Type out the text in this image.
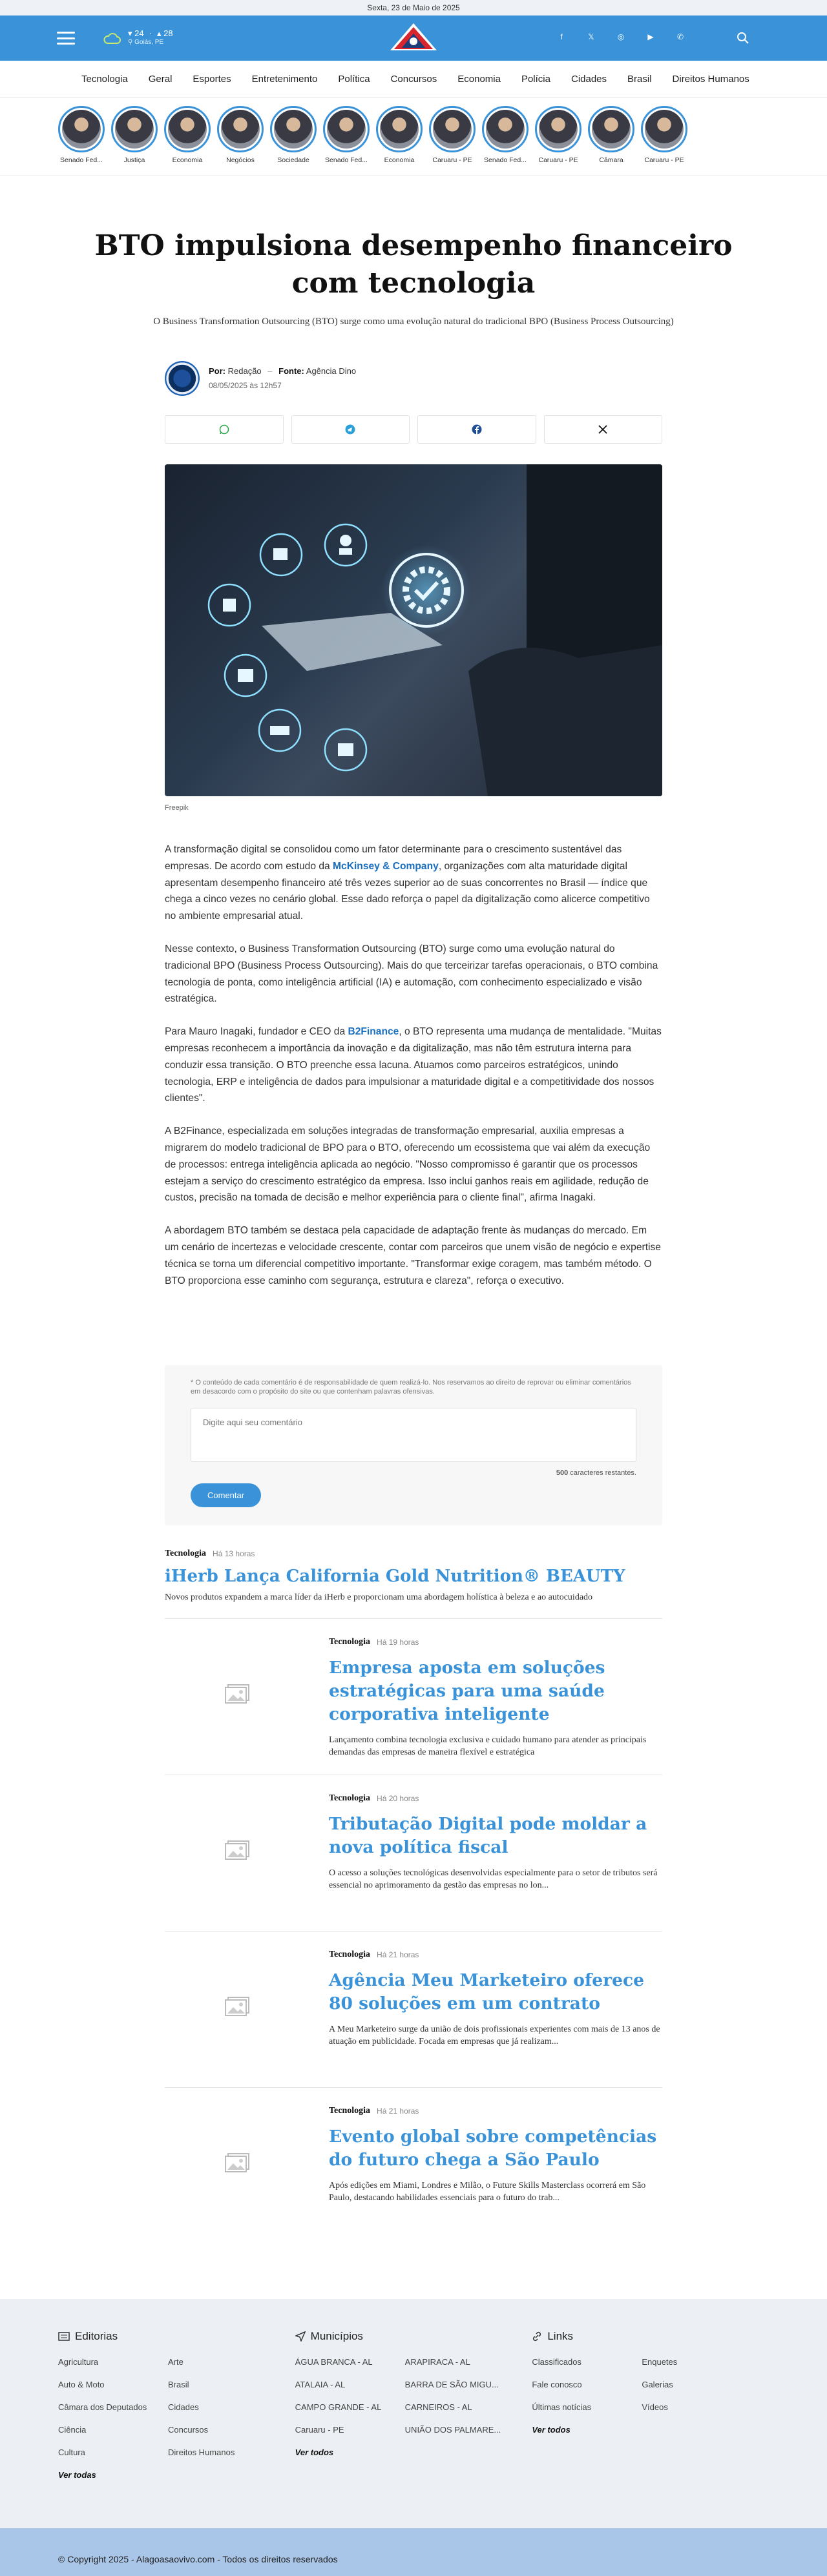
Sexta, 23 de Maio de 2025
▾ 24 · ▴ 28
⚲ Goiás, PE
f	𝕏	◎	▶	✆
Tecnologia	Geral	Esportes	Entretenimento	Política	Concursos	Economia	Polícia	Cidades	Brasil	Direitos Humanos
Senado Fed...	Justiça	Economia	Negócios	Sociedade	Senado Fed...	Economia	Caruaru - PE	Senado Fed...	Caruaru - PE	Câmara	Caruaru - PE
BTO impulsiona desempenho financeiro com tecnologia

O Business Transformation Outsourcing (BTO) surge como uma evolução natural do tradicional BPO (Business Process Outsourcing)

Por: Redação – Fonte: Agência Dino
08/05/2025 às 12h57
Freepik

A transformação digital se consolidou como um fator determinante para o crescimento sustentável das empresas. De acordo com estudo da McKinsey & Company, organizações com alta maturidade digital apresentam desempenho financeiro até três vezes superior ao de suas concorrentes no Brasil — índice que chega a cinco vezes no cenário global. Esse dado reforça o papel da digitalização como alicerce competitivo no ambiente empresarial atual.

Nesse contexto, o Business Transformation Outsourcing (BTO) surge como uma evolução natural do tradicional BPO (Business Process Outsourcing). Mais do que terceirizar tarefas operacionais, o BTO combina tecnologia de ponta, como inteligência artificial (IA) e automação, com conhecimento especializado e visão estratégica.

Para Mauro Inagaki, fundador e CEO da B2Finance, o BTO representa uma mudança de mentalidade. "Muitas empresas reconhecem a importância da inovação e da digitalização, mas não têm estrutura interna para conduzir essa transição. O BTO preenche essa lacuna. Atuamos como parceiros estratégicos, unindo tecnologia, ERP e inteligência de dados para impulsionar a maturidade digital e a competitividade dos nossos clientes".

A B2Finance, especializada em soluções integradas de transformação empresarial, auxilia empresas a migrarem do modelo tradicional de BPO para o BTO, oferecendo um ecossistema que vai além da execução de processos: entrega inteligência aplicada ao negócio. "Nosso compromisso é garantir que os processos estejam a serviço do crescimento estratégico da empresa. Isso inclui ganhos reais em agilidade, redução de custos, precisão na tomada de decisão e melhor experiência para o cliente final", afirma Inagaki.

A abordagem BTO também se destaca pela capacidade de adaptação frente às mudanças do mercado. Em um cenário de incertezas e velocidade crescente, contar com parceiros que unem visão de negócio e expertise técnica se torna um diferencial competitivo importante. "Transformar exige coragem, mas também método. O BTO proporciona esse caminho com segurança, estrutura e clareza", reforça o executivo.

* O conteúdo de cada comentário é de responsabilidade de quem realizá-lo. Nos reservamos ao direito de reprovar ou eliminar comentários em desacordo com o propósito do site ou que contenham palavras ofensivas.

Digite aqui seu comentário
500 caracteres restantes.
Comentar
Tecnologia Há 13 horas
iHerb Lança California Gold Nutrition® BEAUTY

Novos produtos expandem a marca líder da iHerb e proporcionam uma abordagem holística à beleza e ao autocuidado

Tecnologia Há 19 horas
Empresa aposta em soluções estratégicas para uma saúde corporativa inteligente

Lançamento combina tecnologia exclusiva e cuidado humano para atender as principais demandas das empresas de maneira flexível e estratégica

Tecnologia Há 20 horas
Tributação Digital pode moldar a nova política fiscal

O acesso a soluções tecnológicas desenvolvidas especialmente para o setor de tributos será essencial no aprimoramento da gestão das empresas no lon...

Tecnologia Há 21 horas
Agência Meu Marketeiro oferece 80 soluções em um contrato

A Meu Marketeiro surge da união de dois profissionais experientes com mais de 13 anos de atuação em publicidade. Focada em empresas que já realizam...

Tecnologia Há 21 horas
Evento global sobre competências do futuro chega a São Paulo

Após edições em Miami, Londres e Milão, o Future Skills Masterclass ocorrerá em São Paulo, destacando habilidades essenciais para o futuro do trab...

Editorias
Agricultura	Arte
Auto & Moto	Brasil
Câmara dos Deputados	Cidades
Ciência	Concursos
Cultura	Direitos Humanos
Ver todas
Municípios
ÁGUA BRANCA - AL	ARAPIRACA - AL
ATALAIA - AL	BARRA DE SÃO MIGU...
CAMPO GRANDE - AL	CARNEIROS - AL
Caruaru - PE	UNIÃO DOS PALMARE...
Ver todos
Links
Classificados	Enquetes
Fale conosco	Galerias
Últimas notícias	Vídeos
Ver todos
© Copyright 2025 - Alagoasaovivo.com - Todos os direitos reservados
